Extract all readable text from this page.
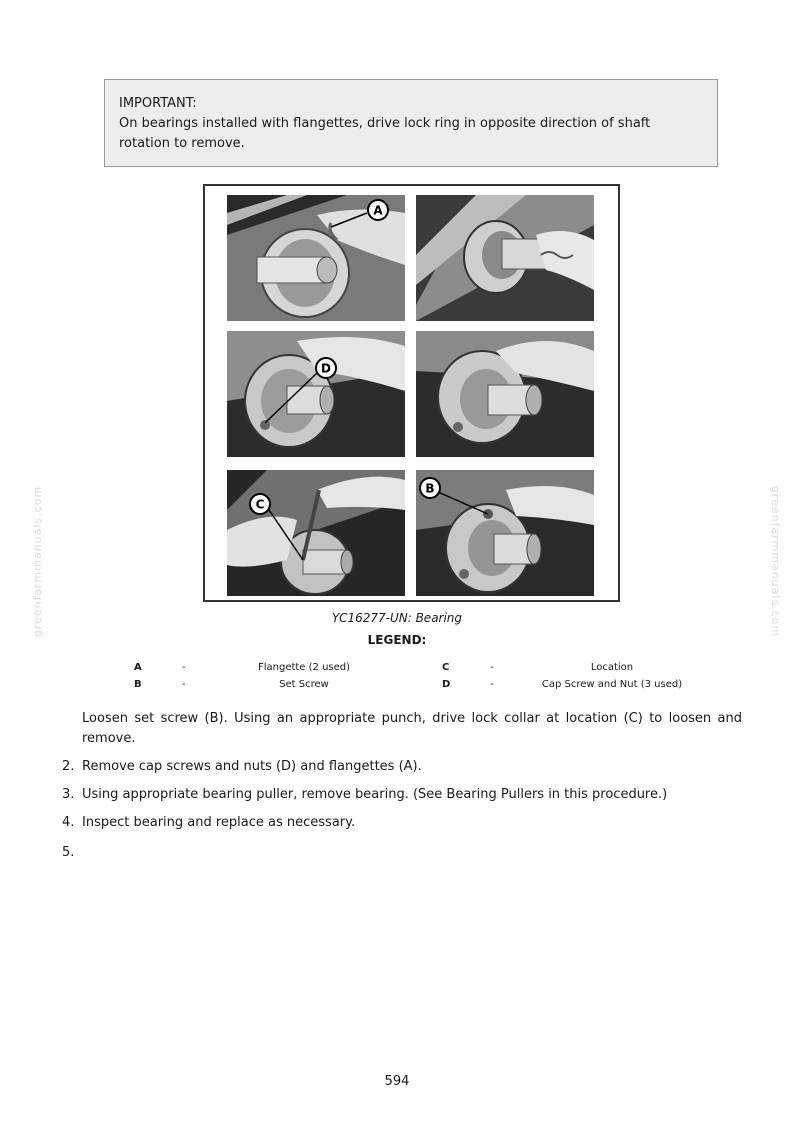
IMPORTANT:
On bearings installed with flangettes, drive lock ring in opposite direction of shaft rotation to remove.
A
D
C
B
YC16277-UN: Bearing
LEGEND:
A	-	Flangette (2 used)	C	-	Location
B	-	Set Screw	D	-	Cap Screw and Nut (3 used)
Loosen set screw (B). Using an appropriate punch, drive lock collar at location (C) to loosen and remove.
2. Remove cap screws and nuts (D) and flangettes (A).
3. Using appropriate bearing puller, remove bearing. (See Bearing Pullers in this procedure.)
4. Inspect bearing and replace as necessary.
5.
greenfarmmanuals.com	greenfarmmanuals.com
594
